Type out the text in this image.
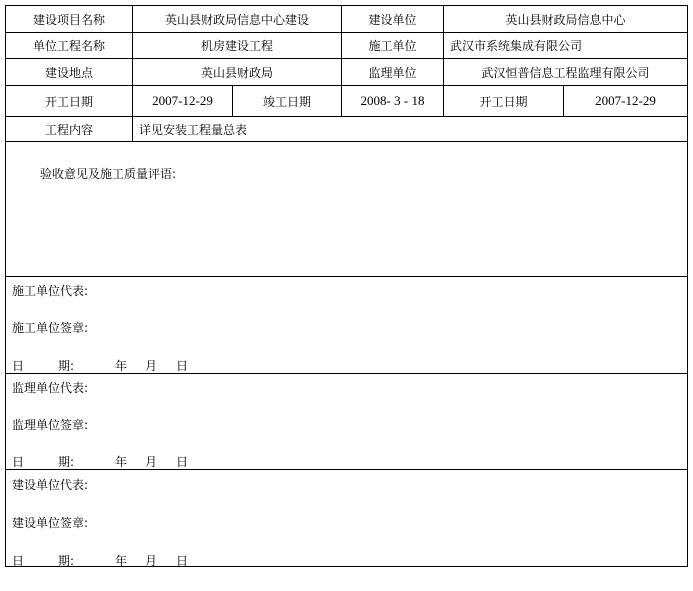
建设项目名称	英山县财政局信息中心建设	建设单位	英山县财政局信息中心
单位工程名称	机房建设工程	施工单位	武汉市系统集成有限公司
建设地点	英山县财政局	监理单位	武汉恒普信息工程监理有限公司
开工日期	2007-12-29	竣工日期	2008- 3 - 18	开工日期	2007-12-29
工程内容	详见安装工程量总表
验收意见及施工质量评语:
施工单位代表:
施工单位签章:
日	期:	年 月 日
监理单位代表:
监理单位签章:
日	期:	年 月 日
建设单位代表:
建设单位签章:
日	期:	年 月 日
